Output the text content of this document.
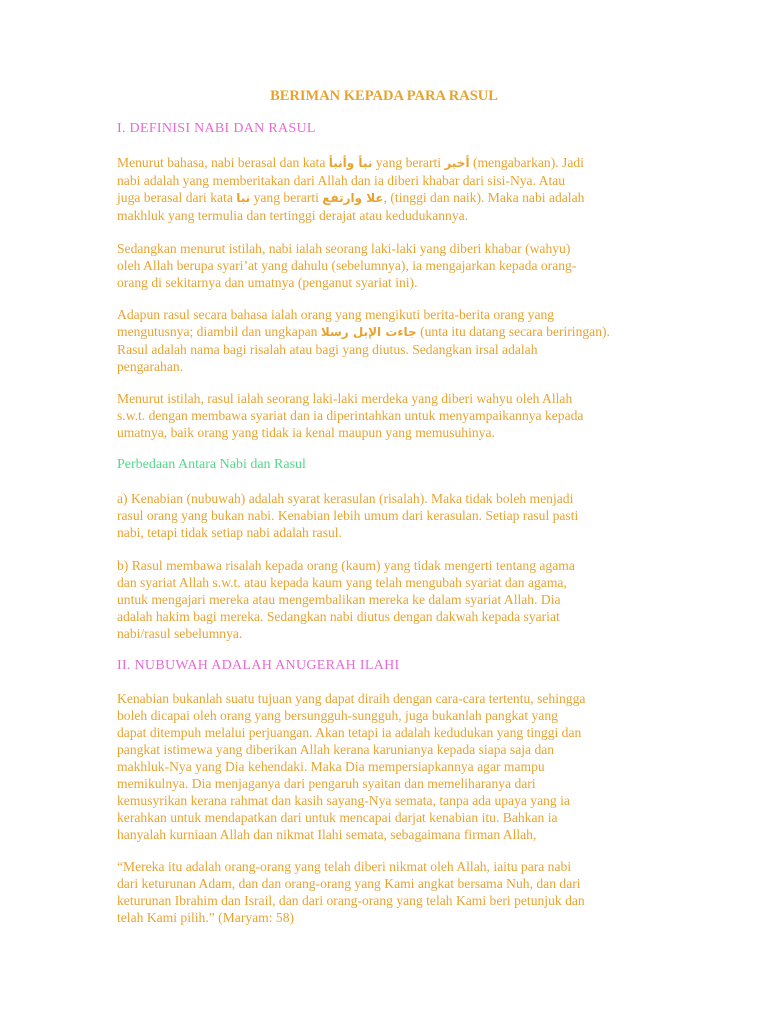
BERIMAN KEPADA PARA RASUL
I. DEFINISI NABI DAN RASUL

Menurut bahasa, nabi berasal dan kata نبأ وأنبأ yang berarti أخبر (mengabarkan). Jadi

nabi adalah yang memberitakan dari Allah dan ia diberi khabar dari sisi-Nya. Atau

juga berasal dari kata نبا yang berarti علا وارتفع, (tinggi dan naik). Maka nabi adalah

makhluk yang termulia dan tertinggi derajat atau kedudukannya.

Sedangkan menurut istilah, nabi ialah seorang laki-laki yang diberi khabar (wahyu)

oleh Allah berupa syari’at yang dahulu (sebelumnya), ia mengajarkan kepada orang-

orang di sekitarnya dan umatnya (penganut syariat ini).

Adapun rasul secara bahasa ialah orang yang mengikuti berita-berita orang yang

mengutusnya; diambil dan ungkapan جاءت الإبل رسلا (unta itu datang secara beriringan).

Rasul adalah nama bagi risalah atau bagi yang diutus. Sedangkan irsal adalah

pengarahan.

Menurut istilah, rasul ialah seorang laki-laki merdeka yang diberi wahyu oleh Allah

s.w.t. dengan membawa syariat dan ia diperintahkan untuk menyampaikannya kepada

umatnya, baik orang yang tidak ia kenal maupun yang memusuhinya.

Perbedaan Antara Nabi dan Rasul

a) Kenabian (nubuwah) adalah syarat kerasulan (risalah). Maka tidak boleh menjadi

rasul orang yang bukan nabi. Kenabian lebih umum dari kerasulan. Setiap rasul pasti

nabi, tetapi tidak setiap nabi adalah rasul.

b) Rasul membawa risalah kepada orang (kaum) yang tidak mengerti tentang agama

dan syariat Allah s.w.t. atau kepada kaum yang telah mengubah syariat dan agama,

untuk mengajari mereka atau mengembalikan mereka ke dalam syariat Allah. Dia

adalah hakim bagi mereka. Sedangkan nabi diutus dengan dakwah kepada syariat

nabi/rasul sebelumnya.

II. NUBUWAH ADALAH ANUGERAH ILAHI

Kenabian bukanlah suatu tujuan yang dapat diraih dengan cara-cara tertentu, sehingga

boleh dicapai oleh orang yang bersungguh-sungguh, juga bukanlah pangkat yang

dapat ditempuh melalui perjuangan. Akan tetapi ia adalah kedudukan yang tinggi dan

pangkat istimewa yang diberikan Allah kerana karunianya kepada siapa saja dan

makhluk-Nya yang Dia kehendaki. Maka Dia mempersiapkannya agar mampu

memikulnya. Dia menjaganya dari pengaruh syaitan dan memeliharanya dari

kemusyrikan kerana rahmat dan kasih sayang-Nya semata, tanpa ada upaya yang ia

kerahkan untuk mendapatkan dari untuk mencapai darjat kenabian itu. Bahkan ia

hanyalah kurniaan Allah dan nikmat Ilahi semata, sebagaimana firman Allah,

“Mereka itu adalah orang-orang yang telah diberi nikmat oleh Allah, iaitu para nabi

dari keturunan Adam, dan dan orang-orang yang Kami angkat bersama Nuh, dan dari

keturunan Ibrahim dan Israil, dan dari orang-orang yang telah Kami beri petunjuk dan

telah Kami pilih.” (Maryam: 58)
